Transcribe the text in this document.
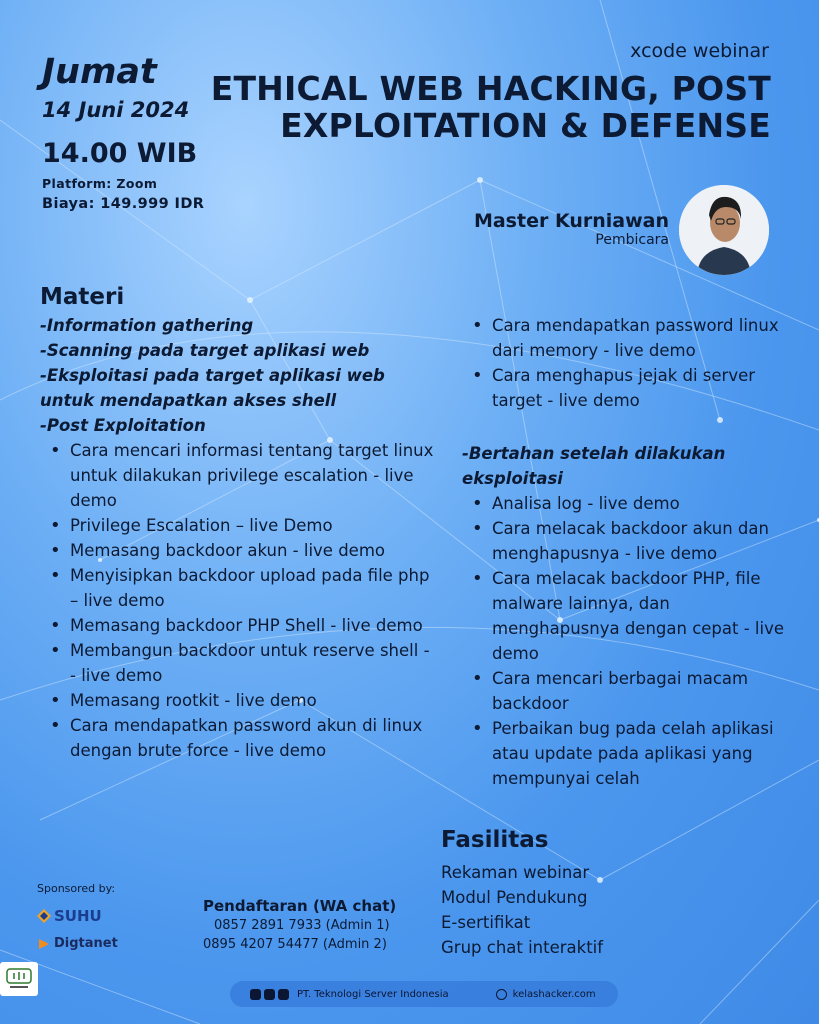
Jumat
14 Juni 2024
14.00 WIB
Platform: Zoom
Biaya: 149.999 IDR
xcode webinar
ETHICAL WEB HACKING, POST
EXPLOITATION & DEFENSE
Master Kurniawan
Pembicara
Materi
-Information gathering
-Scanning pada target aplikasi web
-Eksploitasi pada target aplikasi web untuk mendapatkan akses shell
-Post Exploitation
• Cara mencari informasi tentang target linux untuk dilakukan privilege escalation - live demo
• Privilege Escalation – live Demo
• Memasang backdoor akun - live demo
• Menyisipkan backdoor upload pada file php – live demo
• Memasang backdoor PHP Shell - live demo
• Membangun backdoor untuk reserve shell - - live demo
• Memasang rootkit - live demo
• Cara mendapatkan password akun di linux dengan brute force - live demo
• Cara mendapatkan password linux dari memory - live demo
• Cara menghapus jejak di server target - live demo
-Bertahan setelah dilakukan eksploitasi
• Analisa log - live demo
• Cara melacak backdoor akun dan menghapusnya - live demo
• Cara melacak backdoor PHP, file malware lainnya, dan menghapusnya dengan cepat - live demo
• Cara mencari berbagai macam backdoor
• Perbaikan bug pada celah aplikasi atau update pada aplikasi yang mempunyai celah
Fasilitas
Rekaman webinar
Modul Pendukung
E-sertifikat
Grup chat interaktif
Sponsored by:
SUHU
Digtanet
Pendaftaran (WA chat)
0857 2891 7933 (Admin 1)
0895 4207 54477 (Admin 2)
PT. Teknologi Server Indonesia	kelashacker.com
